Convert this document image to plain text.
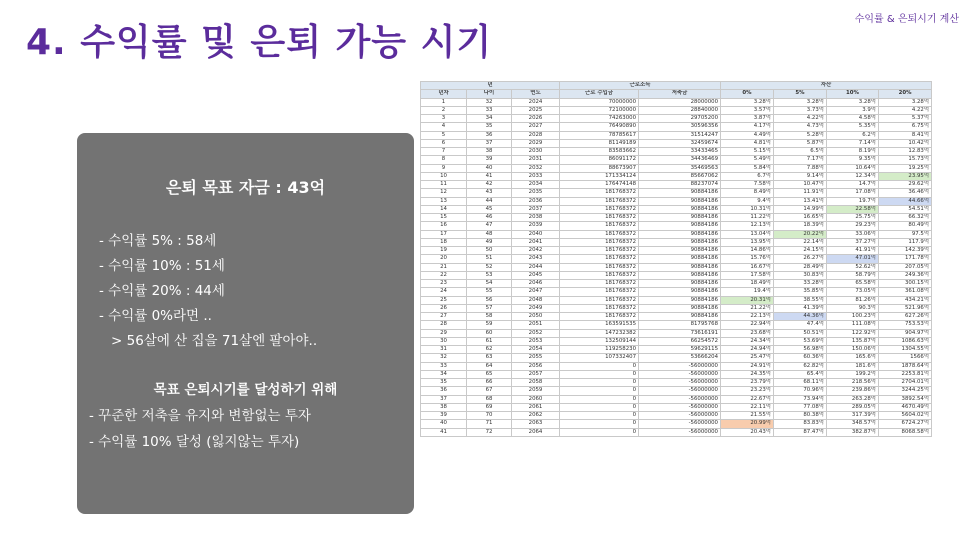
수익률 & 은퇴시기 계산
4. 수익률 및 은퇴 가능 시기
은퇴 목표 자금 : 43억
- 수익률 5% : 58세
- 수익률 10% : 51세
- 수익률 20% : 44세
- 수익률 0%라면 ..
> 56살에 산 집을 71살엔 팔아야..
목표 은퇴시기를 달성하기 위해
- 꾸준한 저축을 유지와 변함없는 투자
- 수익률 10% 달성 (잃지않는 투자)
년			근로소득		자산			
년차	나이	연도	근로 수입금	저축금	0%	5%	10%	20%
1	32	2024	70000000	28000000	3.28억	3.28억	3.28억	3.28억
2	33	2025	72100000	28840000	3.57억	3.73억	3.9억	4.22억
3	34	2026	74263000	29705200	3.87억	4.22억	4.58억	5.37억
4	35	2027	76490890	30596356	4.17억	4.73억	5.35억	6.75억
5	36	2028	78785617	31514247	4.49억	5.28억	6.2억	8.41억
6	37	2029	81149189	32459674	4.81억	5.87억	7.14억	10.42억
7	38	2030	83583662	33433465	5.15억	6.5억	8.19억	12.83억
8	39	2031	86091172	34436469	5.49억	7.17억	9.35억	15.73억
9	40	2032	88673907	35469563	5.84억	7.88억	10.64억	19.25억
10	41	2033	171334124	85667062	6.7억	9.14억	12.34억	23.95억
11	42	2034	176474148	88237074	7.58억	10.47억	14.7억	29.62억
12	43	2035	181768372	90884186	8.49억	11.91억	17.08억	36.46억
13	44	2036	181768372	90884186	9.4억	13.41억	19.7억	44.66억
14	45	2037	181768372	90884186	10.31억	14.99억	22.58억	54.51억
15	46	2038	181768372	90884186	11.22억	16.65억	25.75억	66.32억
16	47	2039	181768372	90884186	12.13억	18.39억	29.23억	80.49억
17	48	2040	181768372	90884186	13.04억	20.22억	33.06억	97.5억
18	49	2041	181768372	90884186	13.95억	22.14억	37.27억	117.9억
19	50	2042	181768372	90884186	14.86억	24.15억	41.91억	142.39억
20	51	2043	181768372	90884186	15.76억	26.27억	47.01억	171.78억
21	52	2044	181768372	90884186	16.67억	28.49억	52.62억	207.05억
22	53	2045	181768372	90884186	17.58억	30.83억	58.79억	249.36억
23	54	2046	181768372	90884186	18.49억	33.28억	65.58억	300.15억
24	55	2047	181768372	90884186	19.4억	35.85억	73.05억	361.08억
25	56	2048	181768372	90884186	20.31억	38.55억	81.26억	434.21억
26	57	2049	181768372	90884186	21.22억	41.39억	90.3억	521.96억
27	58	2050	181768372	90884186	22.13억	44.36억	100.23억	627.26억
28	59	2051	163591535	81795768	22.94억	47.4억	111.08억	753.53억
29	60	2052	147232382	73616191	23.68억	50.51억	122.92억	904.97억
30	61	2053	132509144	66254572	24.34억	53.69억	135.87억	1086.63억
31	62	2054	119258230	59629115	24.94억	56.98억	150.06억	1304.55억
32	63	2055	107332407	53666204	25.47억	60.36억	165.6억	1566억
33	64	2056	0	-56000000	24.91억	62.82억	181.6억	1878.64억
34	65	2057	0	-56000000	24.35억	65.4억	199.2억	2253.81억
35	66	2058	0	-56000000	23.79억	68.11억	218.56억	2704.01억
36	67	2059	0	-56000000	23.23억	70.96억	239.86억	3244.25억
37	68	2060	0	-56000000	22.67억	73.94억	263.28억	3892.54억
38	69	2061	0	-56000000	22.11억	77.08억	289.05억	4670.49억
39	70	2062	0	-56000000	21.55억	80.38억	317.39억	5604.02억
40	71	2063	0	-56000000	20.99억	83.83억	348.57억	6724.27억
41	72	2064	0	-56000000	20.43억	87.47억	382.87억	8068.58억
